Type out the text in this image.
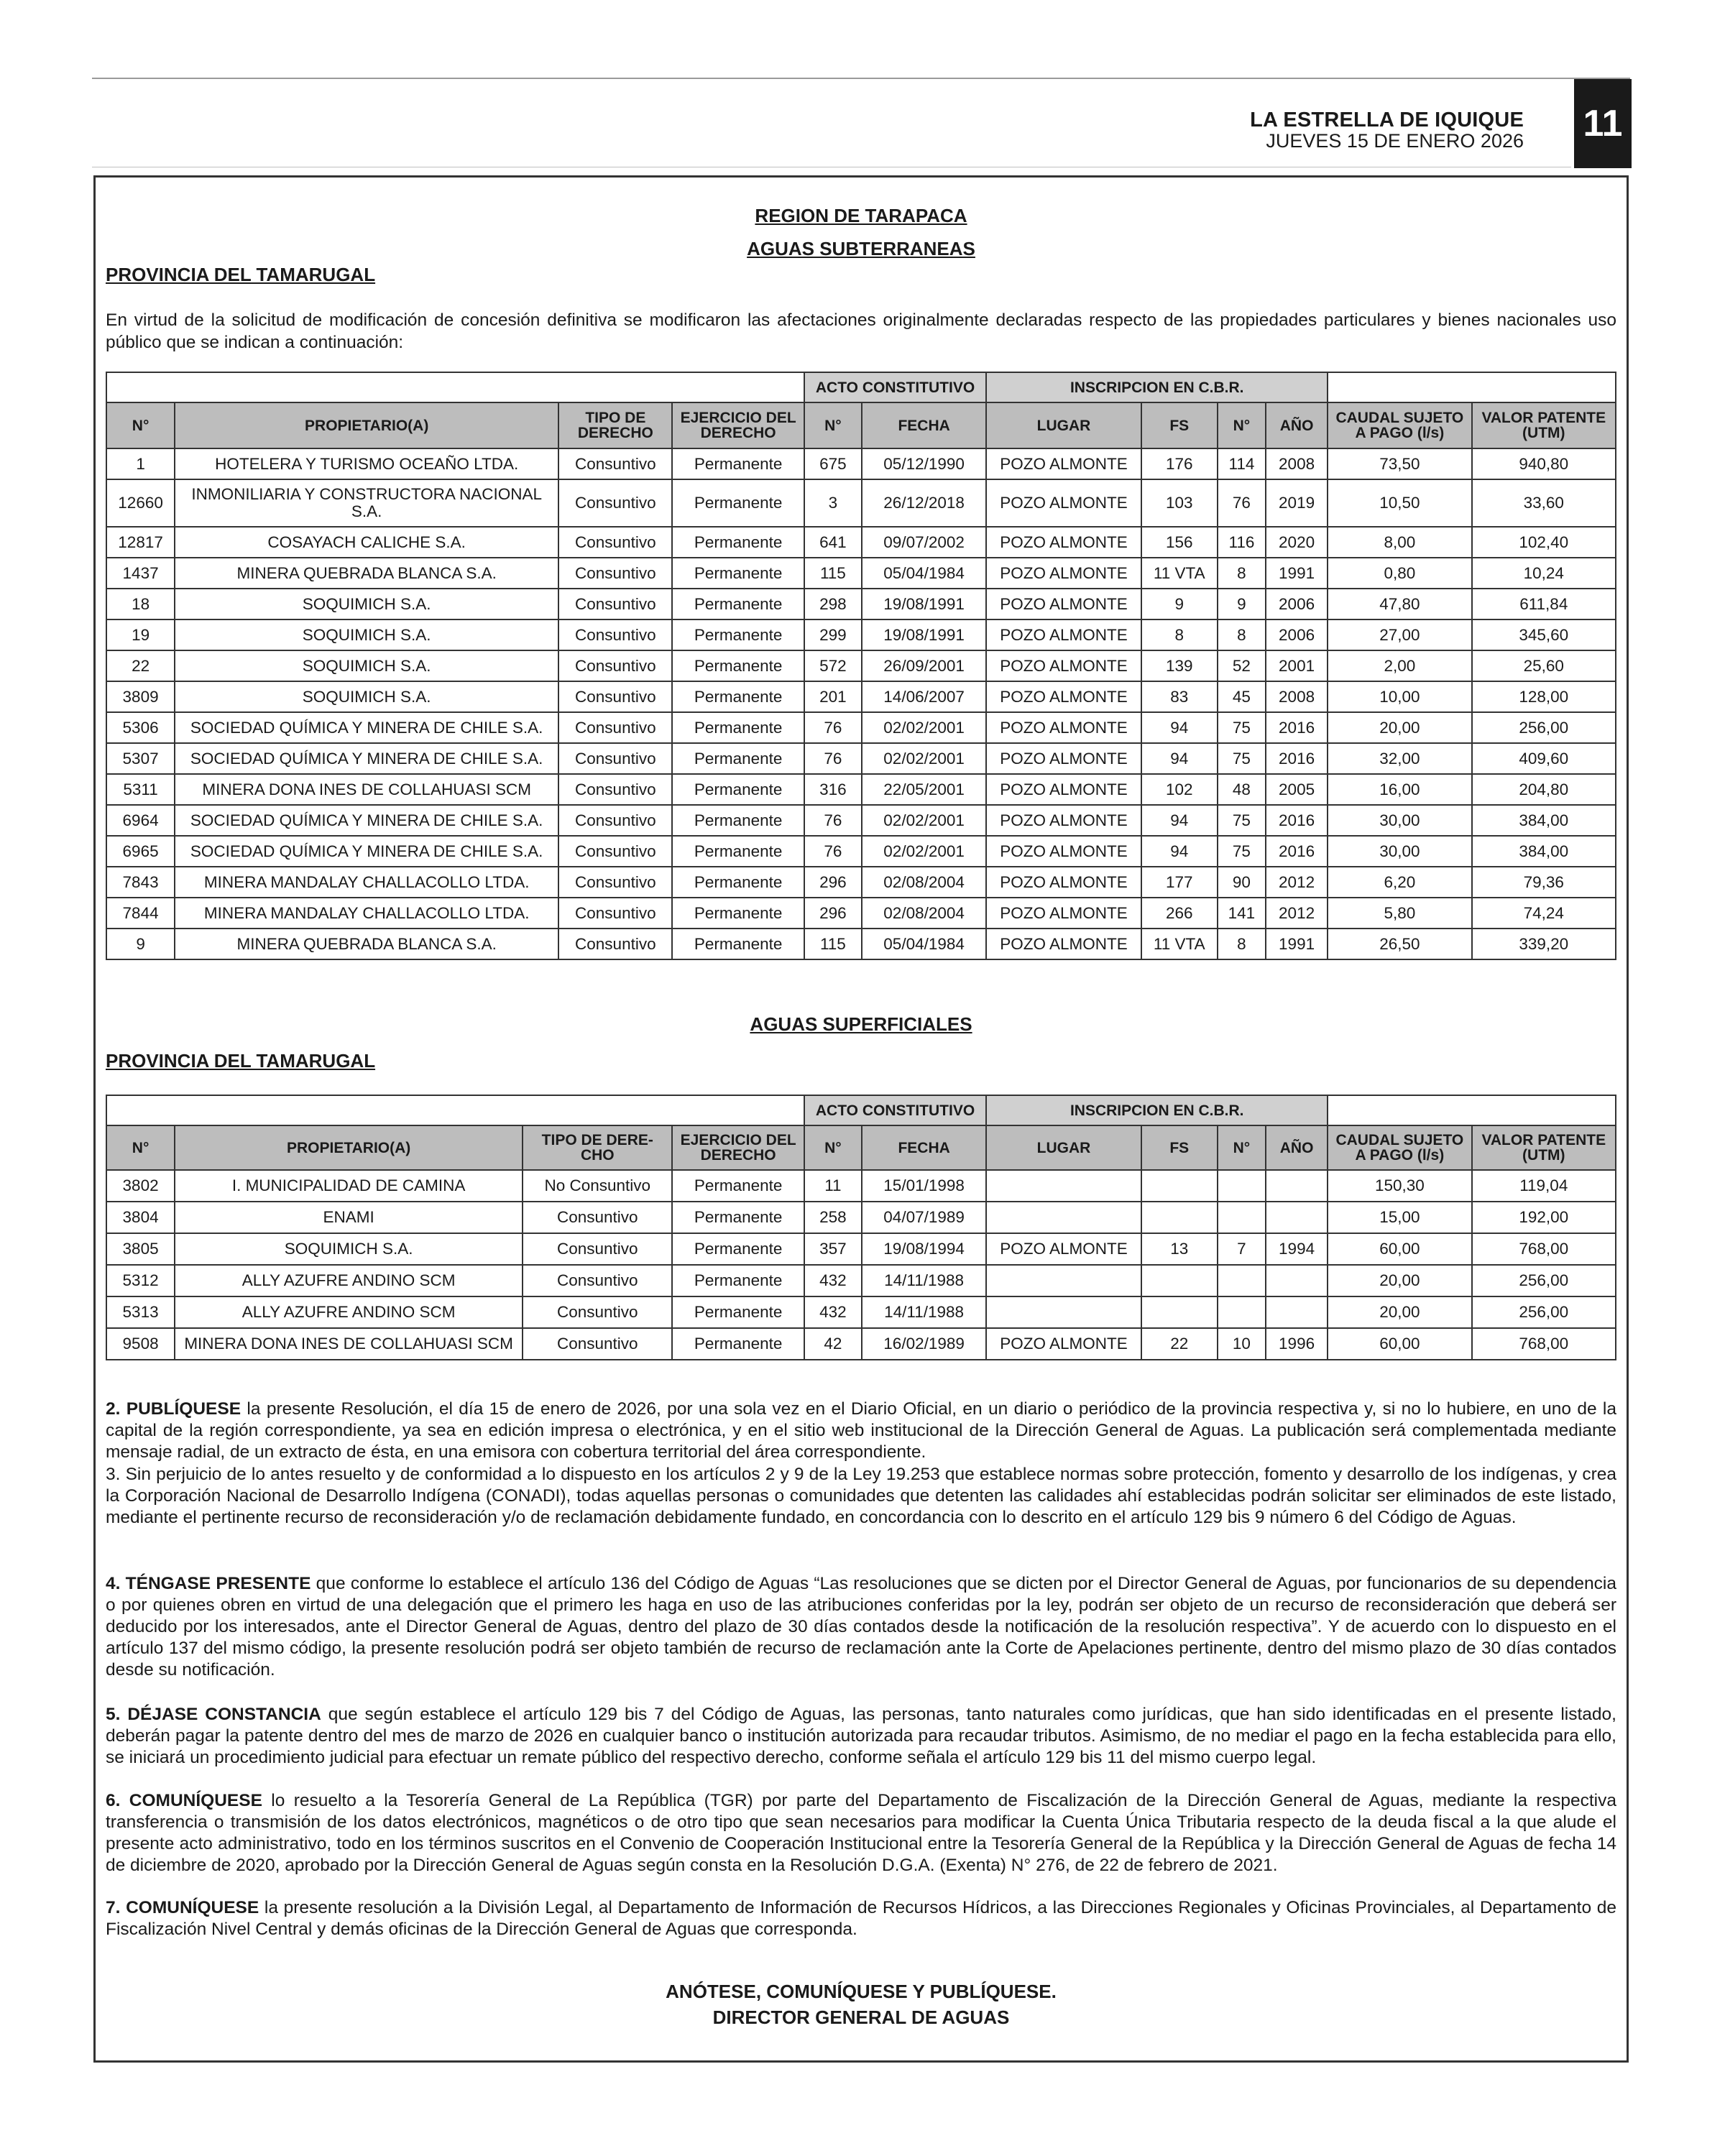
LA ESTRELLA DE IQUIQUE
JUEVES 15 DE ENERO 2026 11
REGION DE TARAPACA
AGUAS SUBTERRANEAS
PROVINCIA DEL TAMARUGAL
En virtud de la solicitud de modificación de concesión definitiva se modificaron las afectaciones originalmente declaradas respecto de las propiedades particulares y bienes nacionales uso público que se indican a continuación:
				ACTO CONSTITUTIVO		INSCRIPCION EN C.B.R.					
N°	PROPIETARIO(A)	TIPO DE DERECHO	EJERCICIO DEL DERECHO	N°	FECHA	LUGAR	FS	N°	AÑO	CAUDAL SUJETO A PAGO (l/s)	VALOR PATENTE (UTM)
1	HOTELERA Y TURISMO OCEAÑO LTDA.	Consuntivo	Permanente	675	05/12/1990	POZO ALMONTE	176	114	2008	73,50	940,80
12660	INMONILIARIA Y CONSTRUCTORA NACIONAL S.A.	Consuntivo	Permanente	3	26/12/2018	POZO ALMONTE	103	76	2019	10,50	33,60
12817	COSAYACH CALICHE S.A.	Consuntivo	Permanente	641	09/07/2002	POZO ALMONTE	156	116	2020	8,00	102,40
1437	MINERA QUEBRADA BLANCA S.A.	Consuntivo	Permanente	115	05/04/1984	POZO ALMONTE	11 VTA	8	1991	0,80	10,24
18	SOQUIMICH S.A.	Consuntivo	Permanente	298	19/08/1991	POZO ALMONTE	9	9	2006	47,80	611,84
19	SOQUIMICH S.A.	Consuntivo	Permanente	299	19/08/1991	POZO ALMONTE	8	8	2006	27,00	345,60
22	SOQUIMICH S.A.	Consuntivo	Permanente	572	26/09/2001	POZO ALMONTE	139	52	2001	2,00	25,60
3809	SOQUIMICH S.A.	Consuntivo	Permanente	201	14/06/2007	POZO ALMONTE	83	45	2008	10,00	128,00
5306	SOCIEDAD QUÍMICA Y MINERA DE CHILE S.A.	Consuntivo	Permanente	76	02/02/2001	POZO ALMONTE	94	75	2016	20,00	256,00
5307	SOCIEDAD QUÍMICA Y MINERA DE CHILE S.A.	Consuntivo	Permanente	76	02/02/2001	POZO ALMONTE	94	75	2016	32,00	409,60
5311	MINERA DONA INES DE COLLAHUASI SCM	Consuntivo	Permanente	316	22/05/2001	POZO ALMONTE	102	48	2005	16,00	204,80
6964	SOCIEDAD QUÍMICA Y MINERA DE CHILE S.A.	Consuntivo	Permanente	76	02/02/2001	POZO ALMONTE	94	75	2016	30,00	384,00
6965	SOCIEDAD QUÍMICA Y MINERA DE CHILE S.A.	Consuntivo	Permanente	76	02/02/2001	POZO ALMONTE	94	75	2016	30,00	384,00
7843	MINERA MANDALAY CHALLACOLLO LTDA.	Consuntivo	Permanente	296	02/08/2004	POZO ALMONTE	177	90	2012	6,20	79,36
7844	MINERA MANDALAY CHALLACOLLO LTDA.	Consuntivo	Permanente	296	02/08/2004	POZO ALMONTE	266	141	2012	5,80	74,24
9	MINERA QUEBRADA BLANCA S.A.	Consuntivo	Permanente	115	05/04/1984	POZO ALMONTE	11 VTA	8	1991	26,50	339,20
AGUAS SUPERFICIALES
PROVINCIA DEL TAMARUGAL
				ACTO CONSTITUTIVO		INSCRIPCION EN C.B.R.					
N°	PROPIETARIO(A)	TIPO DE DERE-CHO	EJERCICIO DEL DERECHO	N°	FECHA	LUGAR	FS	N°	AÑO	CAUDAL SUJETO A PAGO (l/s)	VALOR PATENTE (UTM)
3802	I. MUNICIPALIDAD DE CAMINA	No Consuntivo	Permanente	11	15/01/1998					150,30	119,04
3804	ENAMI	Consuntivo	Permanente	258	04/07/1989					15,00	192,00
3805	SOQUIMICH S.A.	Consuntivo	Permanente	357	19/08/1994	POZO ALMONTE	13	7	1994	60,00	768,00
5312	ALLY AZUFRE ANDINO SCM	Consuntivo	Permanente	432	14/11/1988					20,00	256,00
5313	ALLY AZUFRE ANDINO SCM	Consuntivo	Permanente	432	14/11/1988					20,00	256,00
9508	MINERA DONA INES DE COLLAHUASI SCM	Consuntivo	Permanente	42	16/02/1989	POZO ALMONTE	22	10	1996	60,00	768,00
2. PUBLÍQUESE la presente Resolución, el día 15 de enero de 2026, por una sola vez en el Diario Oficial, en un diario o periódico de la provincia respectiva y, si no lo hubiere, en uno de la capital de la región correspondiente, ya sea en edición impresa o electrónica, y en el sitio web institucional de la Dirección General de Aguas. La publicación será complementada mediante mensaje radial, de un extracto de ésta, en una emisora con cobertura territorial del área correspondiente.
3. Sin perjuicio de lo antes resuelto y de conformidad a lo dispuesto en los artículos 2 y 9 de la Ley 19.253 que establece normas sobre protección, fomento y desarrollo de los indígenas, y crea la Corporación Nacional de Desarrollo Indígena (CONADI), todas aquellas personas o comunidades que detenten las calidades ahí establecidas podrán solicitar ser eliminados de este listado, mediante el pertinente recurso de reconsideración y/o de reclamación debidamente fundado, en concordancia con lo descrito en el artículo 129 bis 9 número 6 del Código de Aguas.
4. TÉNGASE PRESENTE que conforme lo establece el artículo 136 del Código de Aguas “Las resoluciones que se dicten por el Director General de Aguas, por funcionarios de su dependencia o por quienes obren en virtud de una delegación que el primero les haga en uso de las atribuciones conferidas por la ley, podrán ser objeto de un recurso de reconsideración que deberá ser deducido por los interesados, ante el Director General de Aguas, dentro del plazo de 30 días contados desde la notificación de la resolución respectiva”. Y de acuerdo con lo dispuesto en el artículo 137 del mismo código, la presente resolución podrá ser objeto también de recurso de reclamación ante la Corte de Apelaciones pertinente, dentro del mismo plazo de 30 días contados desde su notificación.
5. DÉJASE CONSTANCIA que según establece el artículo 129 bis 7 del Código de Aguas, las personas, tanto naturales como jurídicas, que han sido identificadas en el presente listado, deberán pagar la patente dentro del mes de marzo de 2026 en cualquier banco o institución autorizada para recaudar tributos. Asimismo, de no mediar el pago en la fecha establecida para ello, se iniciará un procedimiento judicial para efectuar un remate público del respectivo derecho, conforme señala el artículo 129 bis 11 del mismo cuerpo legal.
6. COMUNÍQUESE lo resuelto a la Tesorería General de La República (TGR) por parte del Departamento de Fiscalización de la Dirección General de Aguas, mediante la respectiva transferencia o transmisión de los datos electrónicos, magnéticos o de otro tipo que sean necesarios para modificar la Cuenta Única Tributaria respecto de la deuda fiscal a la que alude el presente acto administrativo, todo en los términos suscritos en el Convenio de Cooperación Institucional entre la Tesorería General de la República y la Dirección General de Aguas de fecha 14 de diciembre de 2020, aprobado por la Dirección General de Aguas según consta en la Resolución D.G.A. (Exenta) N° 276, de 22 de febrero de 2021.
7. COMUNÍQUESE la presente resolución a la División Legal, al Departamento de Información de Recursos Hídricos, a las Direcciones Regionales y Oficinas Provinciales, al Departamento de Fiscalización Nivel Central y demás oficinas de la Dirección General de Aguas que corresponda.
ANÓTESE, COMUNÍQUESE Y PUBLÍQUESE.
DIRECTOR GENERAL DE AGUAS
